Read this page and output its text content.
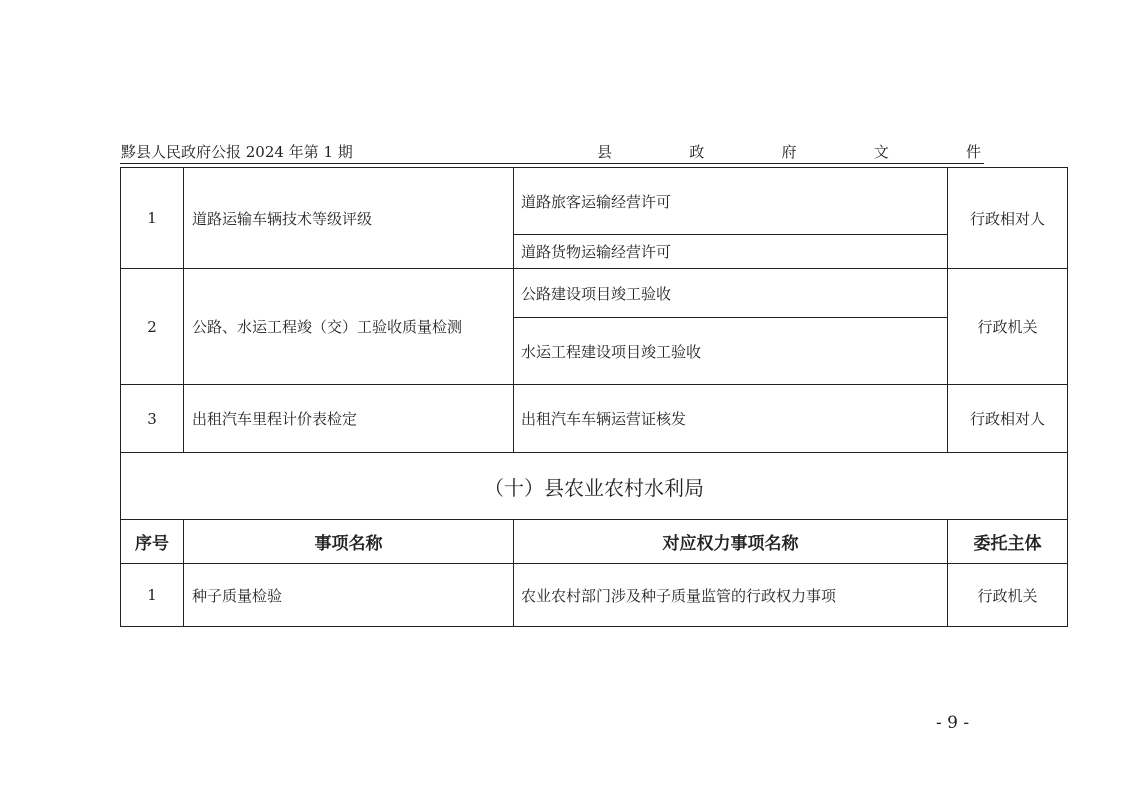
黟县人民政府公报 2024 年第 1 期	县	政	府	文	件
1	道路运输车辆技术等级评级	道路旅客运输经营许可	行政相对人
		道路货物运输经营许可	
2	公路、水运工程竣（交）工验收质量检测	公路建设项目竣工验收	行政机关
		水运工程建设项目竣工验收	
3	出租汽车里程计价表检定	出租汽车车辆运营证核发	行政相对人
（十）县农业农村水利局			
序号	事项名称	对应权力事项名称	委托主体
1	种子质量检验	农业农村部门涉及种子质量监管的行政权力事项	行政机关
- 9 -
